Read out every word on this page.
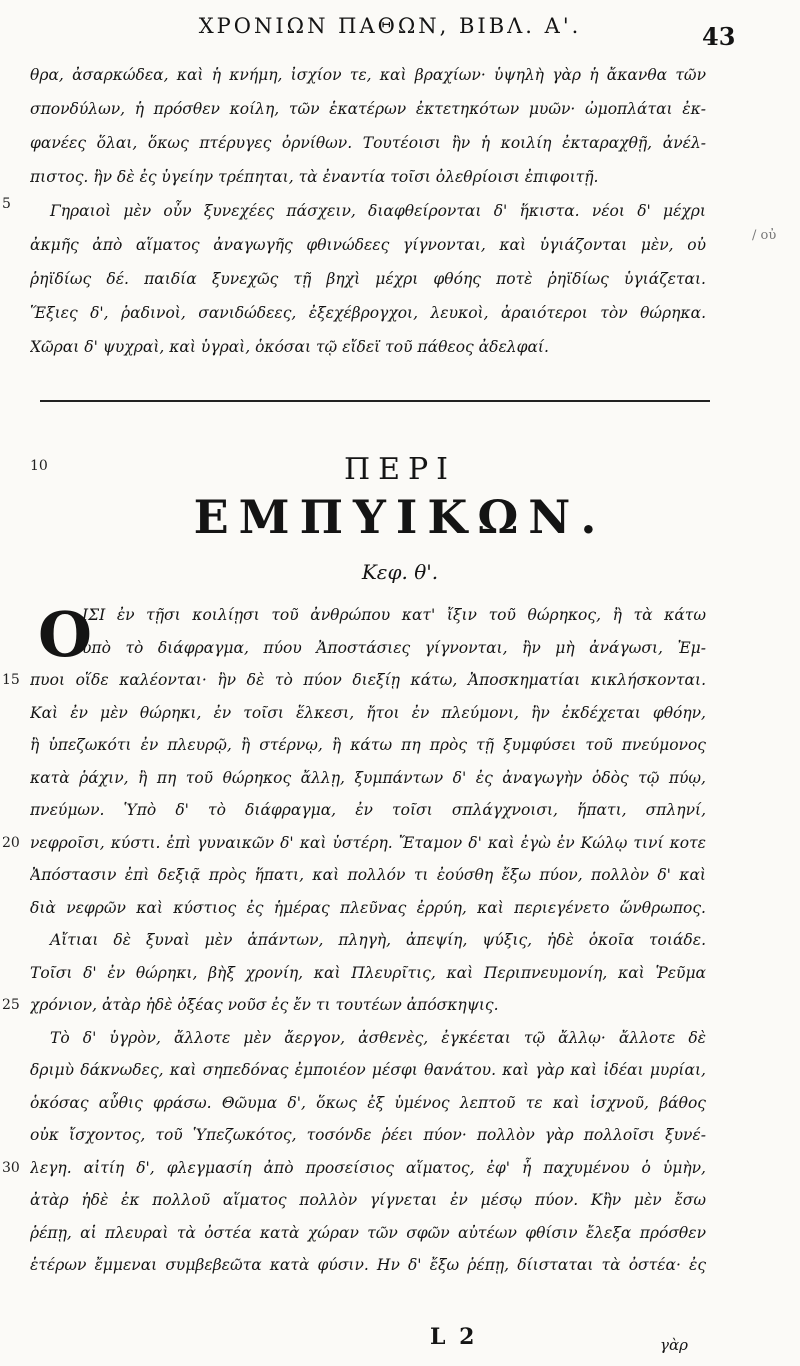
ΧΡΟΝΙΩΝ ΠΑΘΩΝ, ΒΙΒΛ. Α'.	43
5
θρα, ἀσαρκώδεα, καὶ ἡ κνήμη, ἰσχίον τε, καὶ βραχίων· ὑψηλὴ γὰρ ἡ ἄκανθα τῶν
σπονδύλων, ἡ πρόσθεν κοίλη, τῶν ἑκατέρων ἐκτετηκότων μυῶν· ὠμοπλάται ἐκ-
φανέες ὅλαι, ὅκως πτέρυγες ὀρνίθων. Τουτέοισι ἢν ἡ κοιλίη ἐκταραχθῇ, ἀνέλ-
πιστος. ἢν δὲ ἐς ὑγείην τρέπηται, τὰ ἐναντία τοῖσι ὀλεθρίοισι ἐπιφοιτῇ.
Γηραιοὶ μὲν οὖν ξυνεχέες πάσχειν, διαφθείρονται δ' ἥκιστα. νέοι δ' μέχρι
ἀκμῆς ἀπὸ αἵματος ἀναγωγῆς φθινώδεες γίγνονται, καὶ ὑγιάζονται μὲν, οὐ
ῥηϊδίως δέ. παιδία ξυνεχῶς τῇ βηχὶ μέχρι φθόης ποτὲ ῥηϊδίως ὑγιάζεται.
Ἕξιες δ', ῥαδινοὶ, σανιδώδεες, ἐξεχέβρογχοι, λευκοὶ, ἀραιότεροι τὸν θώρηκα.
Χῶραι δ' ψυχραὶ, καὶ ὑγραὶ, ὁκόσαι τῷ εἴδεϊ τοῦ πάθεος ἀδελφαί.
/ οὐ
10	ΠΕΡΙ
ΕΜΠΥΙΚΩΝ.
Κεφ. θ'.
O
ΙΣΙ ἐν τῇσι κοιλίῃσι τοῦ ἀνθρώπου κατ' ἴξιν τοῦ θώρηκος, ἢ τὰ κάτω
ὑπὸ τὸ διάφραγμα, πύου Ἀποστάσιες γίγνονται, ἢν μὴ ἀνάγωσι, Ἐμ-
πυοι οἵδε καλέονται· ἢν δὲ τὸ πύον διεξίῃ κάτω, Ἀποσκηματίαι κικλήσκονται.
15
Καὶ ἐν μὲν θώρηκι, ἐν τοῖσι ἕλκεσι, ἤτοι ἐν πλεύμονι, ἢν ἐκδέχεται φθόην,
ἢ ὑπεζωκότι ἐν πλευρῷ, ἢ στέρνῳ, ἢ κάτω πη πρὸς τῇ ξυμφύσει τοῦ πνεύμονος
κατὰ ῥάχιν, ἢ πη τοῦ θώρηκος ἄλλῃ, ξυμπάντων δ' ἐς ἀναγωγὴν ὁδὸς τῷ πύῳ,
πνεύμων. Ὑπὸ δ' τὸ διάφραγμα, ἐν τοῖσι σπλάγχνοισι, ἥπατι, σπληνί,
νεφροῖσι, κύστι. ἐπὶ γυναικῶν δ' καὶ ὑστέρη. Ἔταμον δ' καὶ ἐγὼ ἐν Κώλῳ τινί κοτε
20
Ἀπόστασιν ἐπὶ δεξιᾷ πρὸς ἥπατι, καὶ πολλόν τι ἐούσθη ἔξω πύον, πολλὸν δ' καὶ
διὰ νεφρῶν καὶ κύστιος ἐς ἡμέρας πλεῦνας ἐρρύη, καὶ περιεγένετο ὥνθρωπος.
Αἴτιαι δὲ ξυναὶ μὲν ἁπάντων, πληγὴ, ἀπεψίη, ψύξις, ἠδὲ ὁκοῖα τοιάδε.
Τοῖσι δ' ἐν θώρηκι, βὴξ χρονίη, καὶ Πλευρῖτις, καὶ Περιπνευμονίη, καὶ Ῥεῦμα
χρόνιον, ἀτὰρ ἠδὲ ὀξέας νοῦσ ἐς ἔν τι τουτέων ἀπόσκηψις.
25
Τὸ δ' ὑγρὸν, ἄλλοτε μὲν ἄεργον, ἀσθενὲς, ἐγκέεται τῷ ἄλλῳ· ἄλλοτε δὲ
δριμὺ δάκνωδες, καὶ σηπεδόνας ἐμποιέον μέσφι θανάτου. καὶ γὰρ καὶ ἰδέαι μυρίαι,
ὁκόσας αὖθις φράσω. Θῶυμα δ', ὅκως ἐξ ὑμένος λεπτοῦ τε καὶ ἰσχνοῦ, βάθος
οὐκ ἴσχοντος, τοῦ Ὑπεζωκότος, τοσόνδε ῥέει πύον· πολλὸν γὰρ πολλοῖσι ξυνέ-
λεγη. αἰτίη δ', φλεγμασίη ἀπὸ προσείσιος αἵματος, ἐφ' ἧ παχυμένου ὁ ὑμὴν,
30
ἀτὰρ ἠδὲ ἐκ πολλοῦ αἵματος πολλὸν γίγνεται ἐν μέσῳ πύον. Κἢν μὲν ἔσω
ῥέπῃ, αἱ πλευραὶ τὰ ὀστέα κατὰ χώραν τῶν σφῶν αὐτέων φθίσιν ἔλεξα πρόσθεν
ἑτέρων ἔμμεναι συμβεβεῶτα κατὰ φύσιν. Ην δ' ἔξω ῥέπῃ, δίισταται τὰ ὀστέα· ἐς
L 2	γὰρ
